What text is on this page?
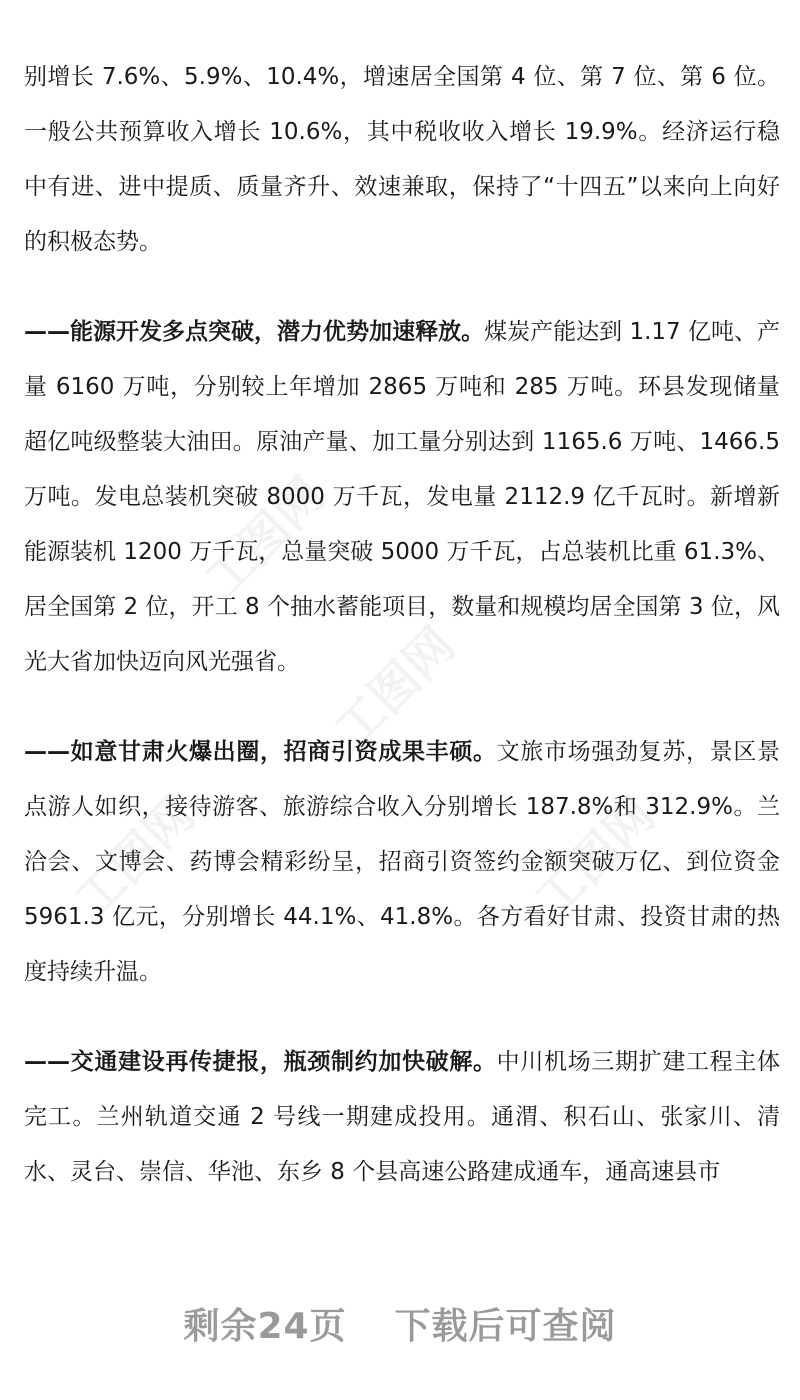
工图网
工图网
工图网	工图网

别增长 7.6%、5.9%、10.4%，增速居全国第 4 位、第 7 位、第 6 位。一般公共预算收入增长 10.6%，其中税收收入增长 19.9%。经济运行稳中有进、进中提质、质量齐升、效速兼取，保持了“十四五”以来向上向好的积极态势。

——能源开发多点突破，潜力优势加速释放。煤炭产能达到 1.17 亿吨、产量 6160 万吨，分别较上年增加 2865 万吨和 285 万吨。环县发现储量超亿吨级整装大油田。原油产量、加工量分别达到 1165.6 万吨、1466.5 万吨。发电总装机突破 8000 万千瓦，发电量 2112.9 亿千瓦时。新增新能源装机 1200 万千瓦，总量突破 5000 万千瓦，占总装机比重 61.3%、居全国第 2 位，开工 8 个抽水蓄能项目，数量和规模均居全国第 3 位，风光大省加快迈向风光强省。

——如意甘肃火爆出圈，招商引资成果丰硕。文旅市场强劲复苏，景区景点游人如织，接待游客、旅游综合收入分别增长 187.8%和 312.9%。兰洽会、文博会、药博会精彩纷呈，招商引资签约金额突破万亿、到位资金 5961.3 亿元，分别增长 44.1%、41.8%。各方看好甘肃、投资甘肃的热度持续升温。

——交通建设再传捷报，瓶颈制约加快破解。中川机场三期扩建工程主体完工。兰州轨道交通 2 号线一期建成投用。通渭、积石山、张家川、清水、灵台、崇信、华池、东乡 8 个县高速公路建成通车，通高速县市

剩余24页 下载后可查阅
